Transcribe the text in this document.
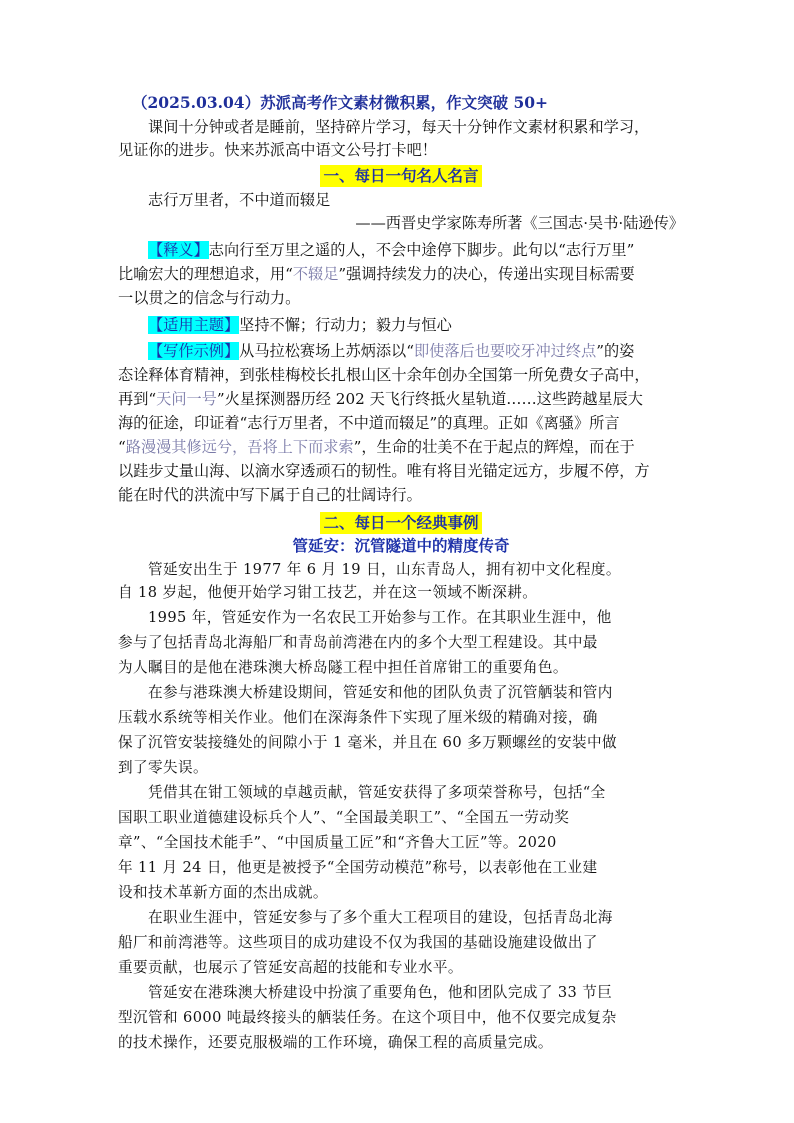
（2025.03.04）苏派高考作文素材微积累，作文突破 50+
课间十分钟或者是睡前，坚持碎片学习，每天十分钟作文素材积累和学习，
见证你的进步。快来苏派高中语文公号打卡吧！
一、每日一句名人名言
志行万里者，不中道而辍足
——西晋史学家陈寿所著《三国志·吴书·陆逊传》
【释义】志向行至万里之遥的人，不会中途停下脚步。此句以“志行万里”
比喻宏大的理想追求，用“不辍足”强调持续发力的决心，传递出实现目标需要
一以贯之的信念与行动力。
【适用主题】坚持不懈；行动力；毅力与恒心
【写作示例】从马拉松赛场上苏炳添以“即使落后也要咬牙冲过终点”的姿
态诠释体育精神，到张桂梅校长扎根山区十余年创办全国第一所免费女子高中，
再到“天问一号”火星探测器历经 202 天飞行终抵火星轨道……这些跨越星辰大
海的征途，印证着“志行万里者，不中道而辍足”的真理。正如《离骚》所言
“路漫漫其修远兮，吾将上下而求索”，生命的壮美不在于起点的辉煌，而在于
以跬步丈量山海、以滴水穿透顽石的韧性。唯有将目光锚定远方，步履不停，方
能在时代的洪流中写下属于自己的壮阔诗行。
二、每日一个经典事例
管延安：沉管隧道中的精度传奇
　　管延安出生于 1977 年 6 月 19 日，山东青岛人，拥有初中文化程度。
自 18 岁起，他便开始学习钳工技艺，并在这一领域不断深耕。
　　1995 年，管延安作为一名农民工开始参与工作。在其职业生涯中，他
参与了包括青岛北海船厂和青岛前湾港在内的多个大型工程建设。其中最
为人瞩目的是他在港珠澳大桥岛隧工程中担任首席钳工的重要角色。
　　在参与港珠澳大桥建设期间，管延安和他的团队负责了沉管舾装和管内
压载水系统等相关作业。他们在深海条件下实现了厘米级的精确对接，确
保了沉管安装接缝处的间隙小于 1 毫米，并且在 60 多万颗螺丝的安装中做
到了零失误。
　　凭借其在钳工领域的卓越贡献，管延安获得了多项荣誉称号，包括“全
国职工职业道德建设标兵个人”、“全国最美职工”、“全国五一劳动奖
章”、“全国技术能手”、“中国质量工匠”和“齐鲁大工匠”等。2020
年 11 月 24 日，他更是被授予“全国劳动模范”称号，以表彰他在工业建
设和技术革新方面的杰出成就。
　　在职业生涯中，管延安参与了多个重大工程项目的建设，包括青岛北海
船厂和前湾港等。这些项目的成功建设不仅为我国的基础设施建设做出了
重要贡献，也展示了管延安高超的技能和专业水平。
　　管延安在港珠澳大桥建设中扮演了重要角色，他和团队完成了 33 节巨
型沉管和 6000 吨最终接头的舾装任务。在这个项目中，他不仅要完成复杂
的技术操作，还要克服极端的工作环境，确保工程的高质量完成。
